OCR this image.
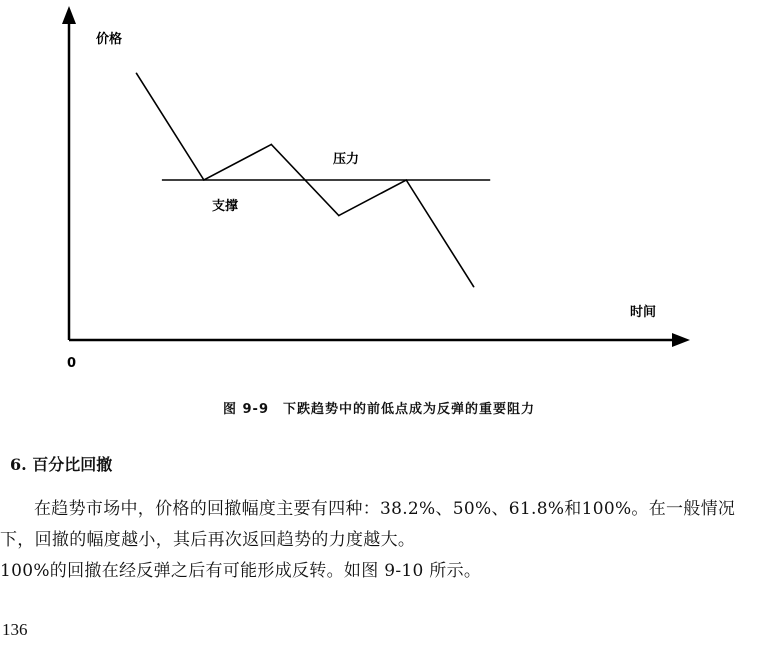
价格
时间
0
支撑
压力
图 9-9　下跌趋势中的前低点成为反弹的重要阻力
6. 百分比回撤

在趋势市场中，价格的回撤幅度主要有四种：38.2%、50%、61.8%和100%。在一般情况下，回撤的幅度越小，其后再次返回趋势的力度越大。

100%的回撤在经反弹之后有可能形成反转。如图 9-10 所示。

136
